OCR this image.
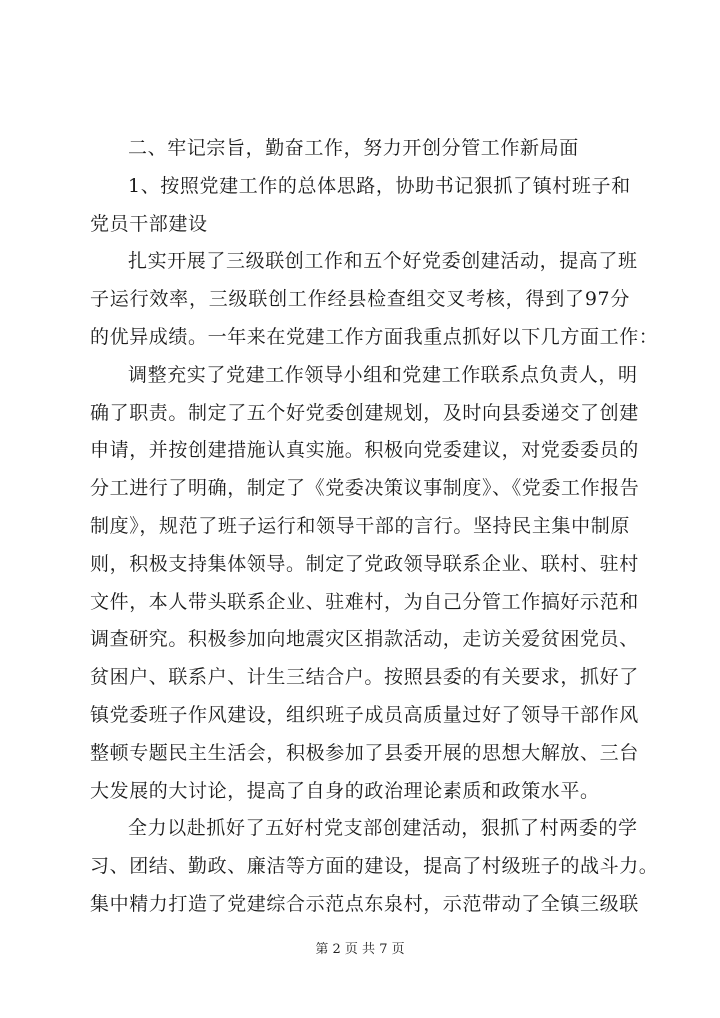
二、牢记宗旨，勤奋工作，努力开创分管工作新局面
1、按照党建工作的总体思路，协助书记狠抓了镇村班子和
党员干部建设
扎实开展了三级联创工作和五个好党委创建活动，提高了班
子运行效率，三级联创工作经县检查组交叉考核，得到了97分
的优异成绩。一年来在党建工作方面我重点抓好以下几方面工作：
调整充实了党建工作领导小组和党建工作联系点负责人，明
确了职责。制定了五个好党委创建规划，及时向县委递交了创建
申请，并按创建措施认真实施。积极向党委建议，对党委委员的
分工进行了明确，制定了《党委决策议事制度》、《党委工作报告
制度》，规范了班子运行和领导干部的言行。坚持民主集中制原
则，积极支持集体领导。制定了党政领导联系企业、联村、驻村
文件，本人带头联系企业、驻难村，为自己分管工作搞好示范和
调查研究。积极参加向地震灾区捐款活动，走访关爱贫困党员、
贫困户、联系户、计生三结合户。按照县委的有关要求，抓好了
镇党委班子作风建设，组织班子成员高质量过好了领导干部作风
整顿专题民主生活会，积极参加了县委开展的思想大解放、三台
大发展的大讨论，提高了自身的政治理论素质和政策水平。
全力以赴抓好了五好村党支部创建活动，狠抓了村两委的学
习、团结、勤政、廉洁等方面的建设，提高了村级班子的战斗力。
集中精力打造了党建综合示范点东泉村，示范带动了全镇三级联
第 2 页 共 7 页
